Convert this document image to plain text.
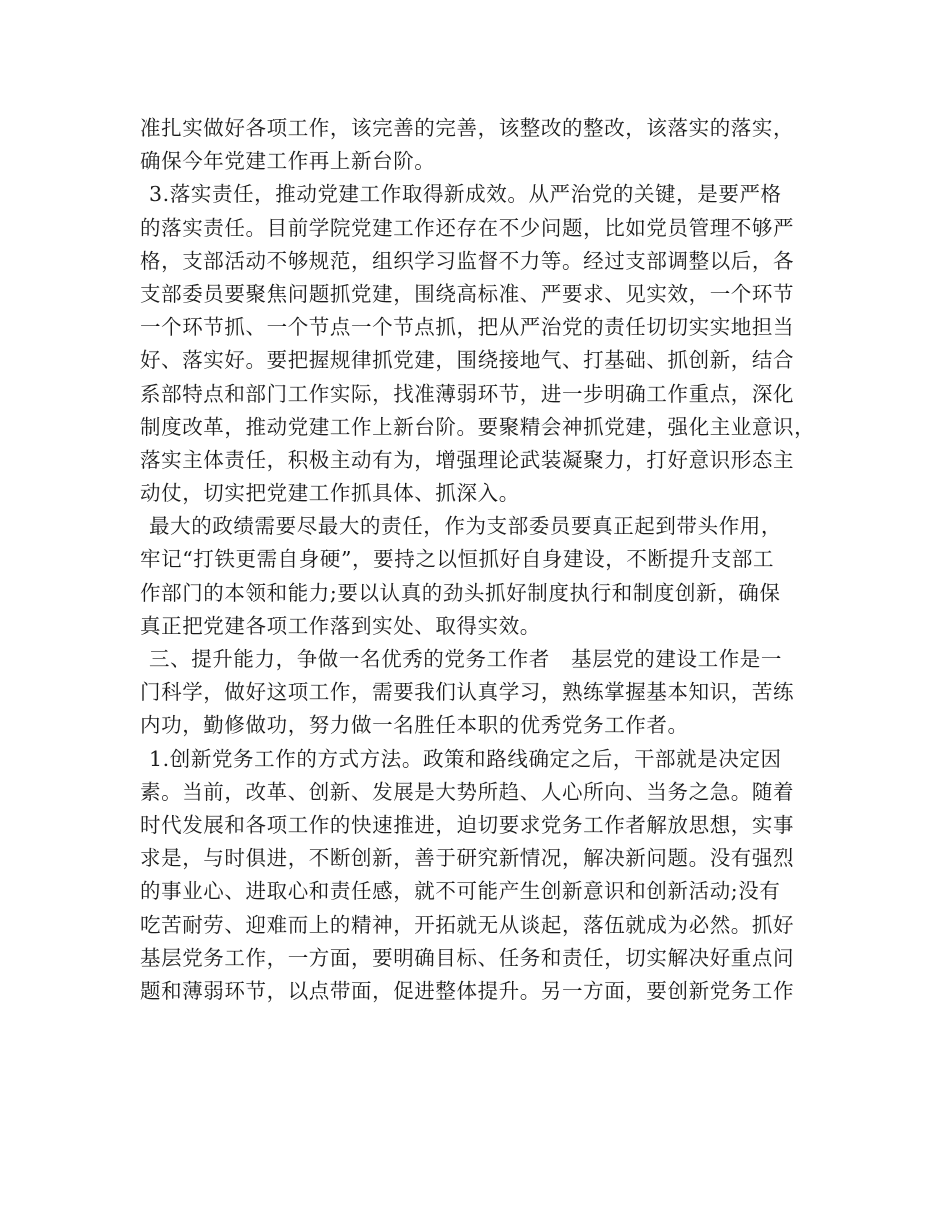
准扎实做好各项工作，该完善的完善，该整改的整改，该落实的落实，
确保今年党建工作再上新台阶。
3.落实责任，推动党建工作取得新成效。从严治党的关键，是要严格
的落实责任。目前学院党建工作还存在不少问题，比如党员管理不够严
格，支部活动不够规范，组织学习监督不力等。经过支部调整以后，各
支部委员要聚焦问题抓党建，围绕高标准、严要求、见实效，一个环节
一个环节抓、一个节点一个节点抓，把从严治党的责任切切实实地担当
好、落实好。要把握规律抓党建，围绕接地气、打基础、抓创新，结合
系部特点和部门工作实际，找准薄弱环节，进一步明确工作重点，深化
制度改革，推动党建工作上新台阶。要聚精会神抓党建，强化主业意识，
落实主体责任，积极主动有为，增强理论武装凝聚力，打好意识形态主
动仗，切实把党建工作抓具体、抓深入。
最大的政绩需要尽最大的责任，作为支部委员要真正起到带头作用，
牢记“打铁更需自身硬”，要持之以恒抓好自身建设，不断提升支部工
作部门的本领和能力;要以认真的劲头抓好制度执行和制度创新，确保
真正把党建各项工作落到实处、取得实效。
三、提升能力，争做一名优秀的党务工作者　基层党的建设工作是一
门科学，做好这项工作，需要我们认真学习，熟练掌握基本知识，苦练
内功，勤修做功，努力做一名胜任本职的优秀党务工作者。
1.创新党务工作的方式方法。政策和路线确定之后，干部就是决定因
素。当前，改革、创新、发展是大势所趋、人心所向、当务之急。随着
时代发展和各项工作的快速推进，迫切要求党务工作者解放思想，实事
求是，与时俱进，不断创新，善于研究新情况，解决新问题。没有强烈
的事业心、进取心和责任感，就不可能产生创新意识和创新活动;没有
吃苦耐劳、迎难而上的精神，开拓就无从谈起，落伍就成为必然。抓好
基层党务工作，一方面，要明确目标、任务和责任，切实解决好重点问
题和薄弱环节，以点带面，促进整体提升。另一方面，要创新党务工作
